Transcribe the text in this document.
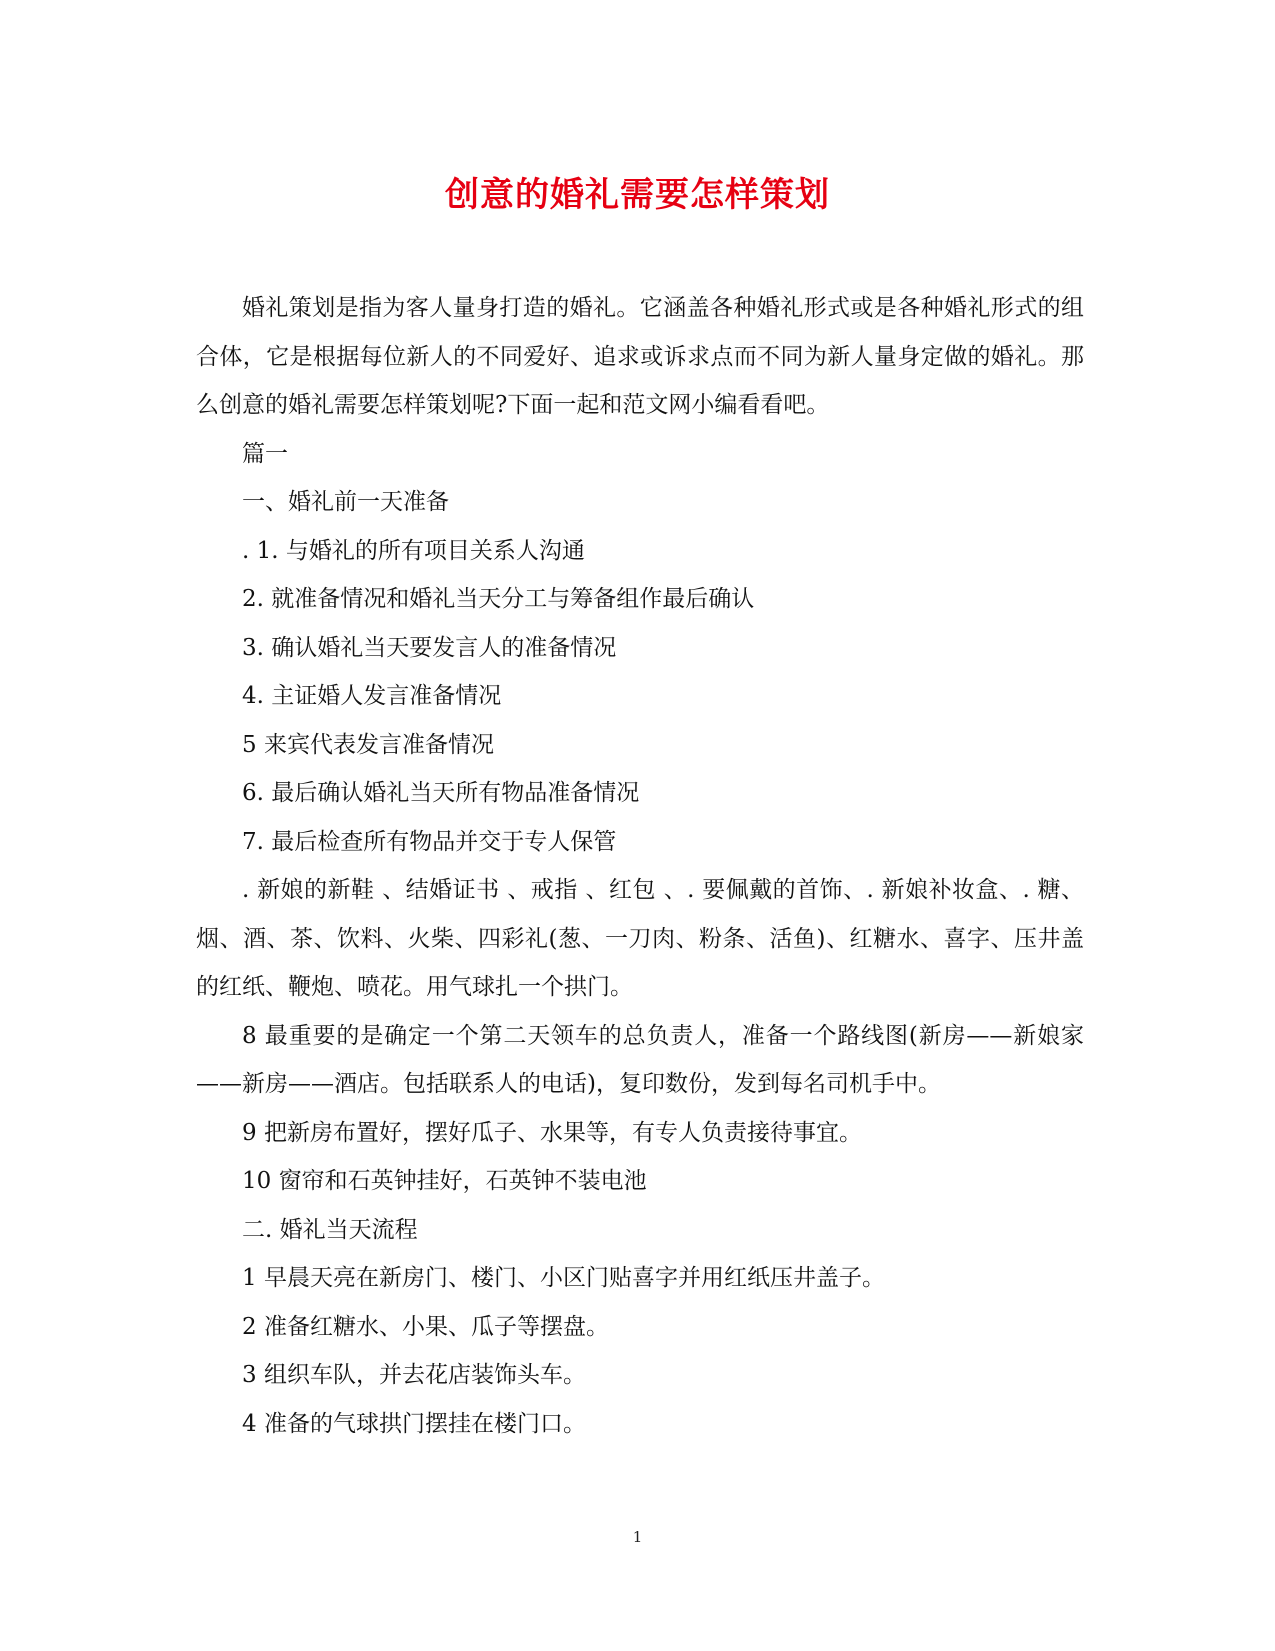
创意的婚礼需要怎样策划

婚礼策划是指为客人量身打造的婚礼。它涵盖各种婚礼形式或是各种婚礼形式的组合体，它是根据每位新人的不同爱好、追求或诉求点而不同为新人量身定做的婚礼。那么创意的婚礼需要怎样策划呢?下面一起和范文网小编看看吧。

篇一

一、婚礼前一天准备

. 1. 与婚礼的所有项目关系人沟通

2. 就准备情况和婚礼当天分工与筹备组作最后确认

3. 确认婚礼当天要发言人的准备情况

4. 主证婚人发言准备情况

5 来宾代表发言准备情况

6. 最后确认婚礼当天所有物品准备情况

7. 最后检查所有物品并交于专人保管

. 新娘的新鞋 、结婚证书 、戒指 、红包 、. 要佩戴的首饰、. 新娘补妆盒、. 糖、烟、酒、茶、饮料、火柴、四彩礼(葱、一刀肉、粉条、活鱼)、红糖水、喜字、压井盖的红纸、鞭炮、喷花。用气球扎一个拱门。

8 最重要的是确定一个第二天领车的总负责人，准备一个路线图(新房——新娘家——新房——酒店。包括联系人的电话)，复印数份，发到每名司机手中。

9 把新房布置好，摆好瓜子、水果等，有专人负责接待事宜。

10 窗帘和石英钟挂好，石英钟不装电池

二. 婚礼当天流程

1 早晨天亮在新房门、楼门、小区门贴喜字并用红纸压井盖子。

2 准备红糖水、小果、瓜子等摆盘。

3 组织车队，并去花店装饰头车。

4 准备的气球拱门摆挂在楼门口。

1
